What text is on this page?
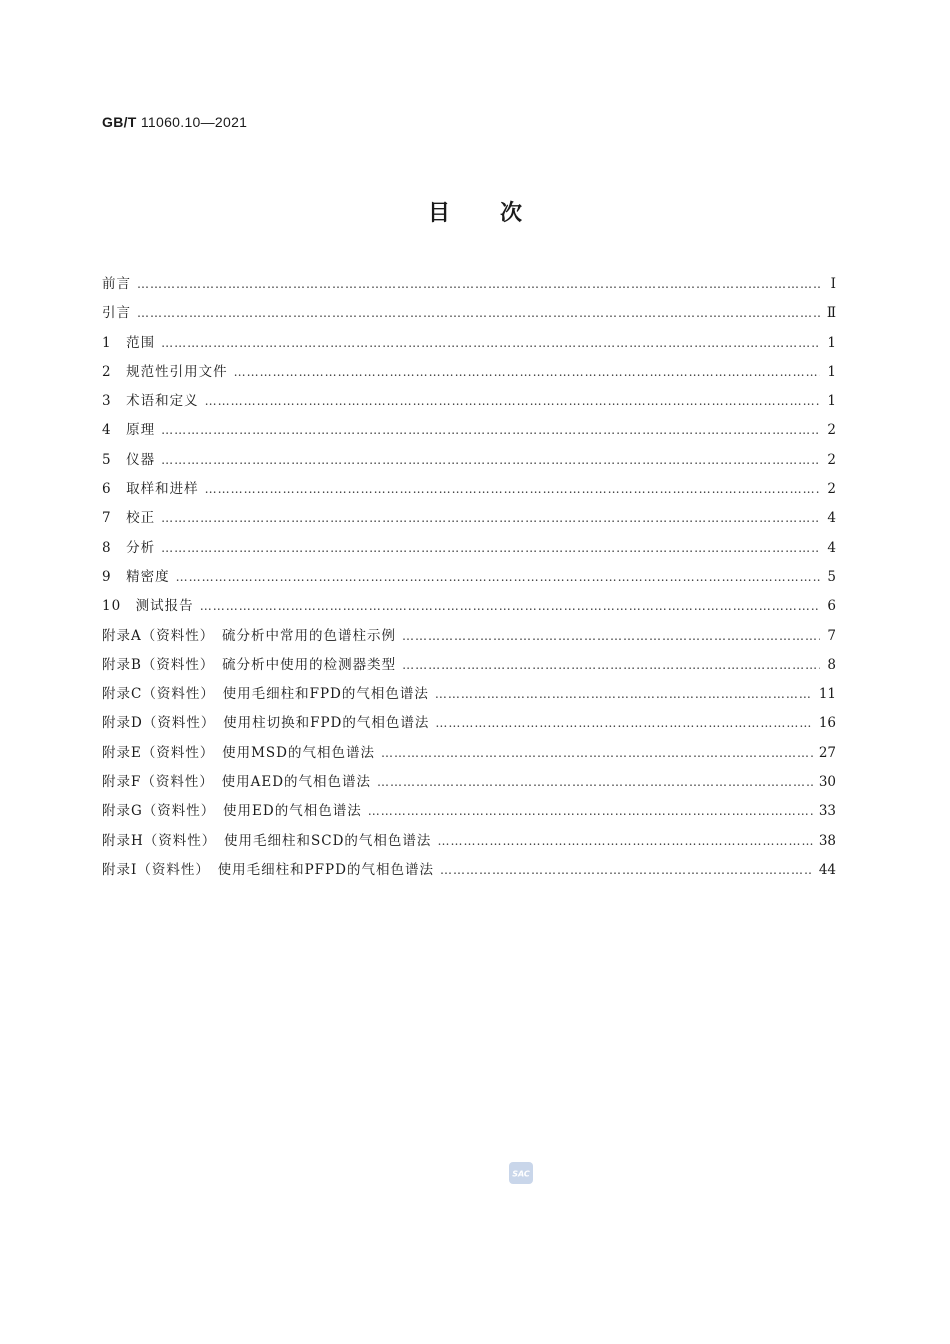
GB/T 11060.10—2021
目次
前言 ……………………………………………………………………………………………………………………………………………………………………………………………………………………	Ⅰ
引言 ……………………………………………………………………………………………………………………………………………………………………………………………………………………	Ⅱ
1　范围 ……………………………………………………………………………………………………………………………………………………………………………………………………………………	1
2　规范性引用文件 ……………………………………………………………………………………………………………………………………………………………………………………………………………………	1
3　术语和定义 ……………………………………………………………………………………………………………………………………………………………………………………………………………………	1
4　原理 ……………………………………………………………………………………………………………………………………………………………………………………………………………………	2
5　仪器 ……………………………………………………………………………………………………………………………………………………………………………………………………………………	2
6　取样和进样 ……………………………………………………………………………………………………………………………………………………………………………………………………………………	2
7　校正 ……………………………………………………………………………………………………………………………………………………………………………………………………………………	4
8　分析 ……………………………………………………………………………………………………………………………………………………………………………………………………………………	4
9　精密度 ……………………………………………………………………………………………………………………………………………………………………………………………………………………	5
10　测试报告 ……………………………………………………………………………………………………………………………………………………………………………………………………………………	6
附录A（资料性）　硫分析中常用的色谱柱示例 ……………………………………………………………………………………………………………………………………………………………………………………………………………………	7
附录B（资料性）　硫分析中使用的检测器类型 ……………………………………………………………………………………………………………………………………………………………………………………………………………………	8
附录C（资料性）　使用毛细柱和FPD的气相色谱法 ……………………………………………………………………………………………………………………………………………………………………………………………………………………	11
附录D（资料性）　使用柱切换和FPD的气相色谱法 ……………………………………………………………………………………………………………………………………………………………………………………………………………………	16
附录E（资料性）　使用MSD的气相色谱法 ……………………………………………………………………………………………………………………………………………………………………………………………………………………	27
附录F（资料性）　使用AED的气相色谱法 ……………………………………………………………………………………………………………………………………………………………………………………………………………………	30
附录G（资料性）　使用ED的气相色谱法 ……………………………………………………………………………………………………………………………………………………………………………………………………………………	33
附录H（资料性）　使用毛细柱和SCD的气相色谱法 ……………………………………………………………………………………………………………………………………………………………………………………………………………………	38
附录I（资料性）　使用毛细柱和PFPD的气相色谱法 ……………………………………………………………………………………………………………………………………………………………………………………………………………………	44
SAC
